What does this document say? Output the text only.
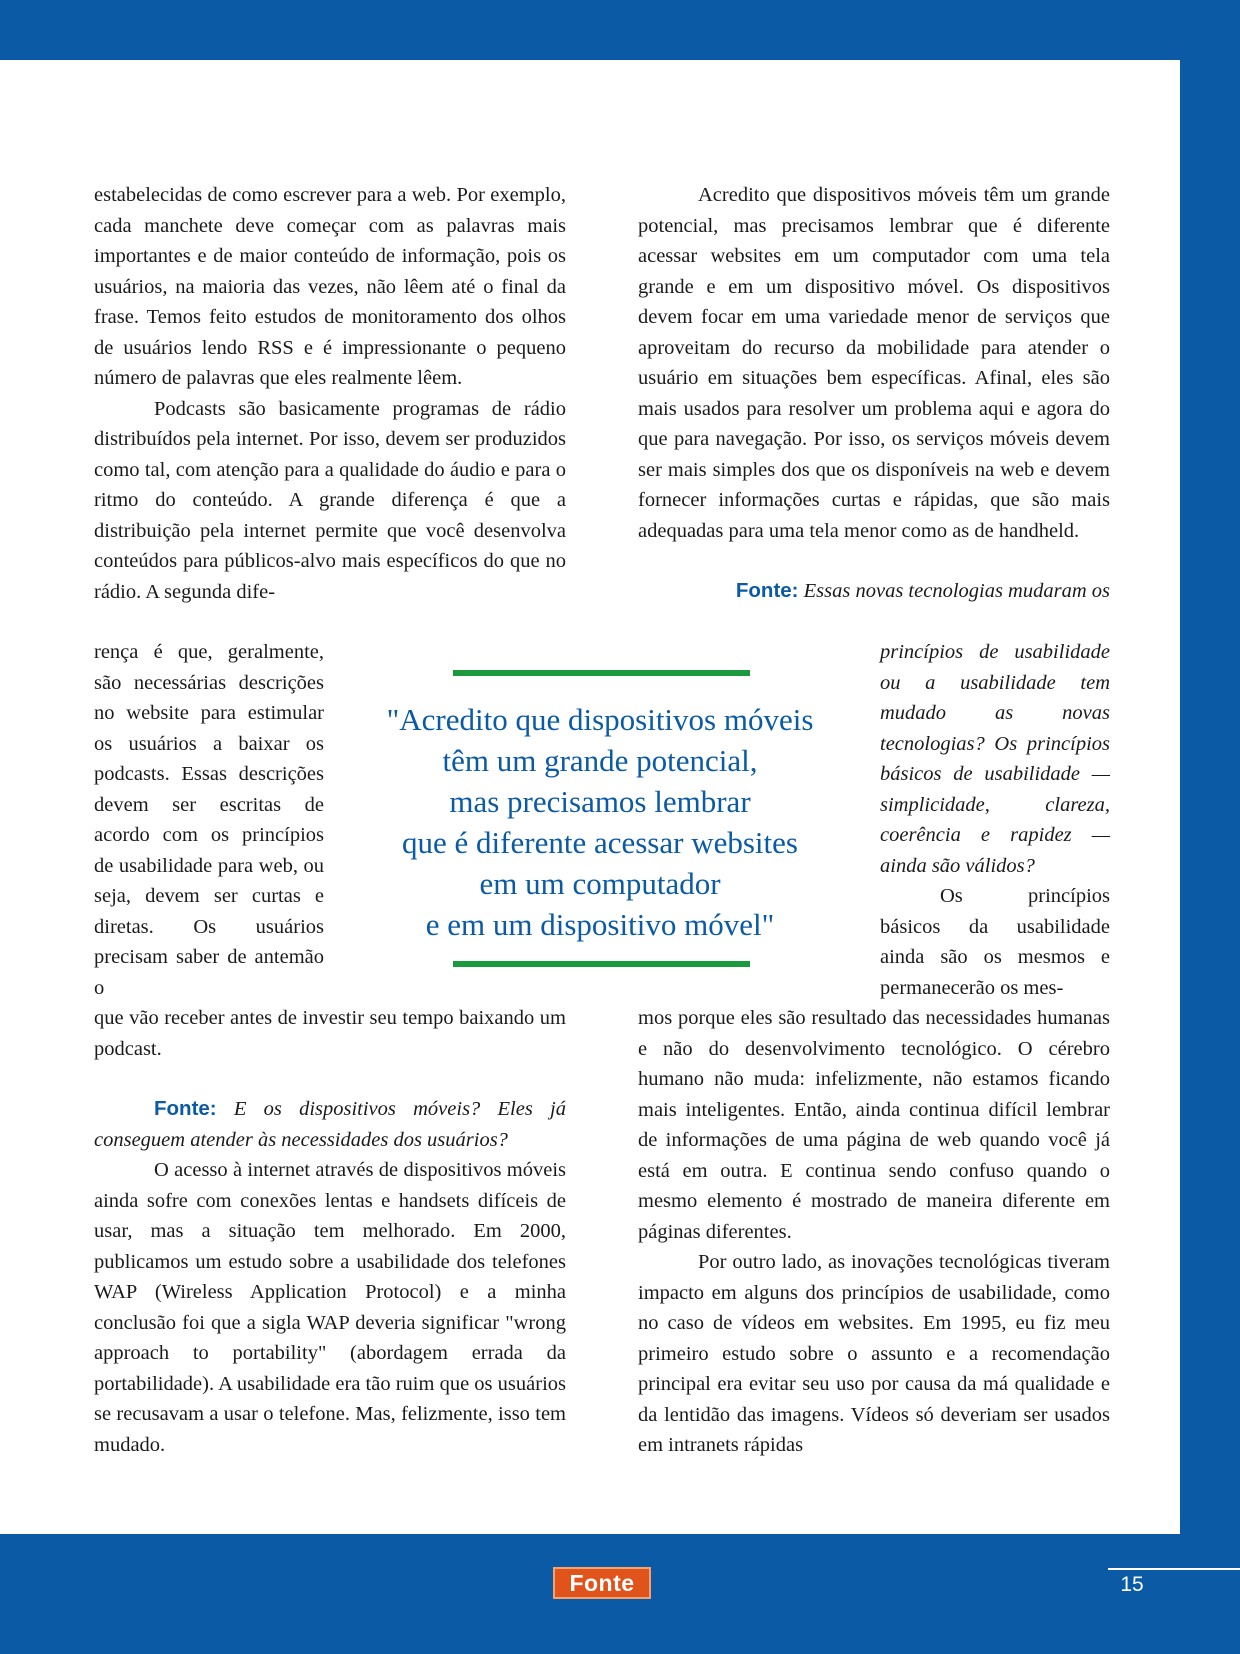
estabelecidas de como escrever para a web. Por exemplo, cada manchete deve começar com as palavras mais importantes e de maior conteúdo de informação, pois os usuários, na maioria das vezes, não lêem até o final da frase. Temos feito estudos de monitoramento dos olhos de usuários lendo RSS e é impressionante o pequeno número de palavras que eles realmente lêem.

Podcasts são basicamente programas de rádio distribuídos pela internet. Por isso, devem ser produzidos como tal, com atenção para a qualidade do áudio e para o ritmo do conteúdo. A grande diferença é que a distribuição pela internet permite que você desenvolva conteúdos para públicos-alvo mais específicos do que no rádio. A segunda dife-

rença é que, geralmente, são necessárias descrições no website para estimular os usuários a baixar os podcasts. Essas descrições devem ser escritas de acordo com os princípios de usabilidade para web, ou seja, devem ser curtas e diretas. Os usuários precisam saber de antemão o

que vão receber antes de investir seu tempo baixando um podcast.

Fonte: E os dispositivos móveis? Eles já conseguem atender às necessidades dos usuários?

O acesso à internet através de dispositivos móveis ainda sofre com conexões lentas e handsets difíceis de usar, mas a situação tem melhorado. Em 2000, publicamos um estudo sobre a usabilidade dos telefones WAP (Wireless Application Protocol) e a minha conclusão foi que a sigla WAP deveria significar "wrong approach to portability" (abordagem errada da portabilidade). A usabilidade era tão ruim que os usuários se recusavam a usar o telefone. Mas, felizmente, isso tem mudado.

Acredito que dispositivos móveis têm um grande potencial, mas precisamos lembrar que é diferente acessar websites em um computador com uma tela grande e em um dispositivo móvel. Os dispositivos devem focar em uma variedade menor de serviços que aproveitam do recurso da mobilidade para atender o usuário em situações bem específicas. Afinal, eles são mais usados para resolver um problema aqui e agora do que para navegação. Por isso, os serviços móveis devem ser mais simples dos que os disponíveis na web e devem fornecer informações curtas e rápidas, que são mais adequadas para uma tela menor como as de handheld.

Fonte: Essas novas tecnologias mudaram os

princípios de usabilidade ou a usabilidade tem mudado as novas tecnologias? Os princípios básicos de usabilidade — simplicidade, clareza, coerência e rapidez — ainda são válidos?

Os princípios básicos da usabilidade ainda são os mesmos e permanecerão os mes-

mos porque eles são resultado das necessidades humanas e não do desenvolvimento tecnológico. O cérebro humano não muda: infelizmente, não estamos ficando mais inteligentes. Então, ainda continua difícil lembrar de informações de uma página de web quando você já está em outra. E continua sendo confuso quando o mesmo elemento é mostrado de maneira diferente em páginas diferentes.

Por outro lado, as inovações tecnológicas tiveram impacto em alguns dos princípios de usabilidade, como no caso de vídeos em websites. Em 1995, eu fiz meu primeiro estudo sobre o assunto e a recomendação principal era evitar seu uso por causa da má qualidade e da lentidão das imagens. Vídeos só deveriam ser usados em intranets rápidas

"Acredito que dispositivos móveis
têm um grande potencial,
mas precisamos lembrar
que é diferente acessar websites
em um computador
e em um dispositivo móvel"
Fonte	15
